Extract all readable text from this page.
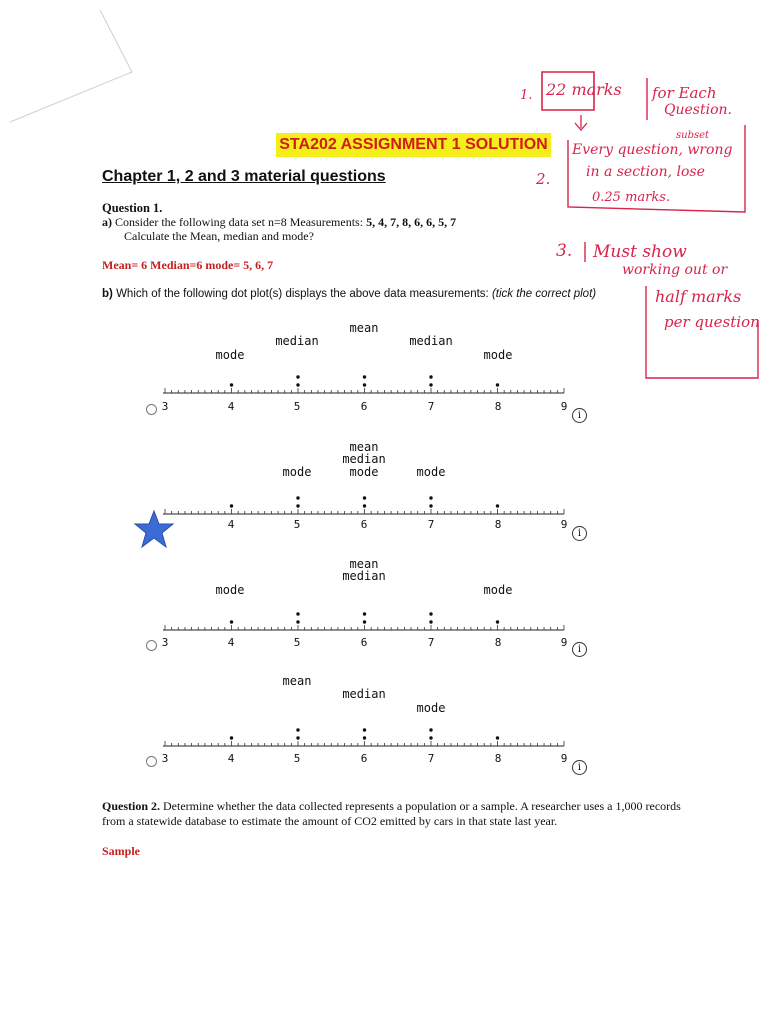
STA202 ASSIGNMENT 1 SOLUTION
Chapter 1, 2 and 3 material questions
Question 1.
a) Consider the following data set n=8 Measurements: 5, 4, 7, 8, 6, 6, 5, 7
Calculate the Mean, median and mode?
Mean= 6 Median=6 mode= 5, 6, 7
b) Which of the following dot plot(s) displays the above data measurements: (tick the correct plot)
mean
median	median
mode	mode
3	4	5	6	7	8	9
i
mean
median
mode
mode	mode
4	5	6	7	8	9
i
mean
median
mode	mode
3	4	5	6	7	8	9
i
mean
median
mode
3	4	5	6	7	8	9
i
Question 2. Determine whether the data collected represents a population or a sample. A researcher uses a 1,000 records from a statewide database to estimate the amount of CO2 emitted by cars in that state last year.
Sample
1. 22 marks for Each
Question.
subset
Every question, wrong
2.	in a section, lose
0.25 marks.
3. Must show
working out or
half marks
per question
